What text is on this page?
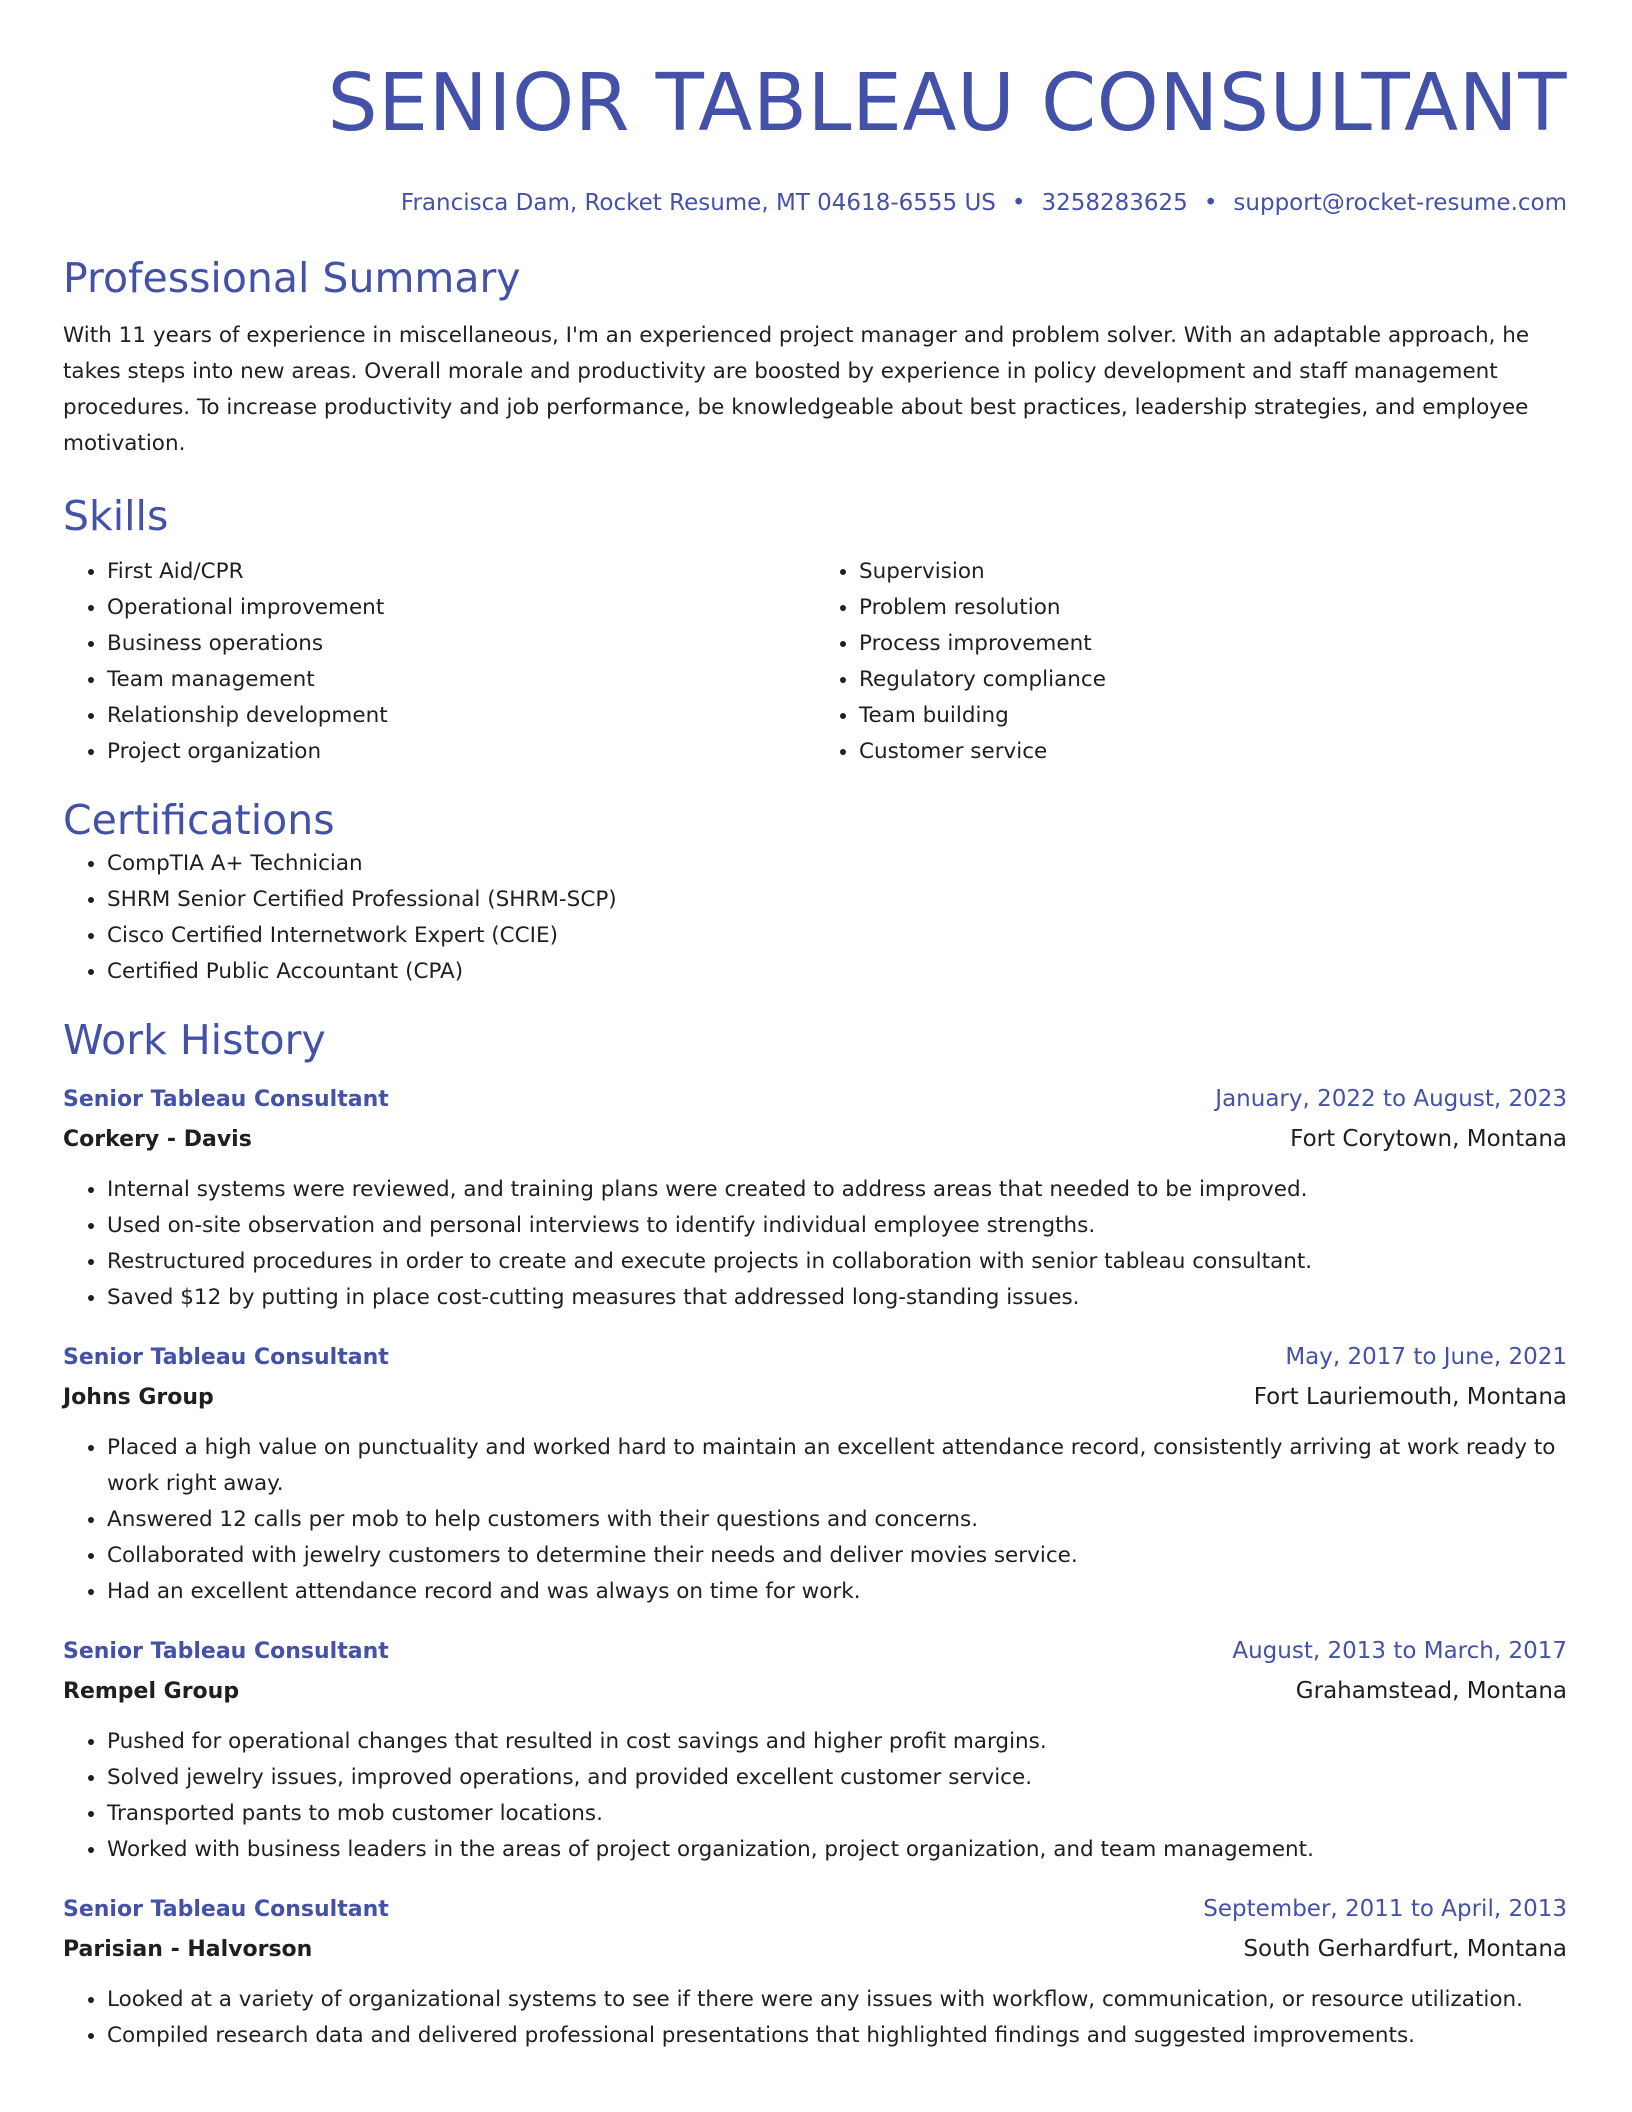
SENIOR TABLEAU CONSULTANT
Francisca Dam, Rocket Resume, MT 04618-6555 US • 3258283625 • support@rocket-resume.com
Professional Summary

With 11 years of experience in miscellaneous, I'm an experienced project manager and problem solver. With an adaptable approach, he takes steps into new areas. Overall morale and productivity are boosted by experience in policy development and staff management procedures. To increase productivity and job performance, be knowledgeable about best practices, leadership strategies, and employee motivation.

Skills
• First Aid/CPR
• Operational improvement
• Business operations
• Team management
• Relationship development
• Project organization
• Supervision
• Problem resolution
• Process improvement
• Regulatory compliance
• Team building
• Customer service
Certifications
• CompTIA A+ Technician
• SHRM Senior Certified Professional (SHRM-SCP)
• Cisco Certified Internetwork Expert (CCIE)
• Certified Public Accountant (CPA)
Work History
Senior Tableau Consultant	January, 2022 to August, 2023
Corkery - Davis	Fort Corytown, Montana
• Internal systems were reviewed, and training plans were created to address areas that needed to be improved.
• Used on-site observation and personal interviews to identify individual employee strengths.
• Restructured procedures in order to create and execute projects in collaboration with senior tableau consultant.
• Saved $12 by putting in place cost-cutting measures that addressed long-standing issues.
Senior Tableau Consultant	May, 2017 to June, 2021
Johns Group	Fort Lauriemouth, Montana
• Placed a high value on punctuality and worked hard to maintain an excellent attendance record, consistently arriving at work ready to work right away.
• Answered 12 calls per mob to help customers with their questions and concerns.
• Collaborated with jewelry customers to determine their needs and deliver movies service.
• Had an excellent attendance record and was always on time for work.
Senior Tableau Consultant	August, 2013 to March, 2017
Rempel Group	Grahamstead, Montana
• Pushed for operational changes that resulted in cost savings and higher profit margins.
• Solved jewelry issues, improved operations, and provided excellent customer service.
• Transported pants to mob customer locations.
• Worked with business leaders in the areas of project organization, project organization, and team management.
Senior Tableau Consultant	September, 2011 to April, 2013
Parisian - Halvorson	South Gerhardfurt, Montana
• Looked at a variety of organizational systems to see if there were any issues with workflow, communication, or resource utilization.
• Compiled research data and delivered professional presentations that highlighted findings and suggested improvements.
